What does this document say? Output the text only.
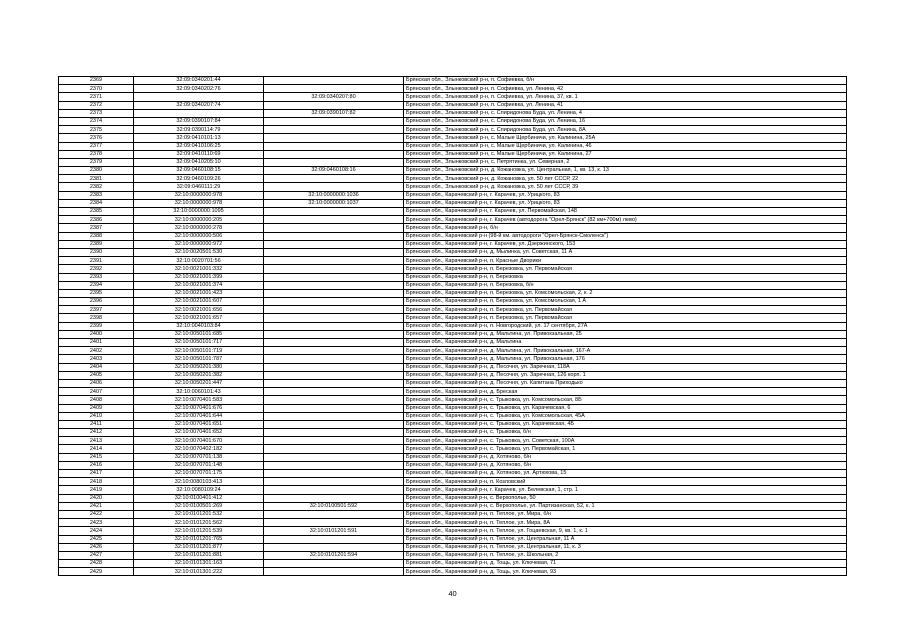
2369	32:09:0340201:44		Брянская обл., Злынковский р-н, п. Софиевка, б/н
2370	32:09:0340202:76		Брянская обл., Злынковский р-н, п. Софиевка, ул. Ленина, 42
2371		32:09:0340207:80	Брянская обл., Злынковский р-н, п. Софиевка, ул. Ленина, 37, кв. 1
2372	32:09:0340207:74		Брянская обл., Злынковский р-н, п. Софиевка, ул. Ленина, 41
2373		32:09:0390107:82	Брянская обл., Злынковский р-н, с. Спиридонова Буда, ул. Ленина, 4
2374	32:09:0390107:84		Брянская обл., Злынковский р-н, с. Спиридонова Буда, ул. Ленина, 16
2375	32:09:0390114:79		Брянская обл., Злынковский р-н, с. Спиридонова Буда, ул. Ленина, 8А
2376	32:09:0410101:13		Брянская обл., Злынковский р-н, с. Малые Щербиничи, ул. Калинина, 25А
2377	32:09:0410106:25		Брянская обл., Злынковский р-н, с. Малые Щербиничи, ул. Калинина, 46
2378	32:09:0410110:69		Брянская обл., Злынковский р-н, с. Малые Щербиничи, ул. Калинина, 27
2379	32:09:0410205:10		Брянская обл., Злынковский р-н, с. Петрятинка, ул. Северная, 2
2380	32:09:0460108:15	32:09:0460108:16	Брянская обл., Злынковский р-н, д. Кожановка, ул. Центральная, 1, кв. 13, к. 13
2381	32:09:0460109:26		Брянская обл., Злынковский р-н, д. Кожановка, ул. 50 лет СССР, 22
2382	32:09:0460111:29		Брянская обл., Злынковский р-н, д. Кожановка, ул. 50 лет СССР, 39
2383	32:10:0000000:978	32:10:0000000:1036	Брянская обл., Карачевский р-н, г. Карачев, ул. Урицкого, 83
2384	32:10:0000000:978	32:10:0000000:1037	Брянская обл., Карачевский р-н, г. Карачев, ул. Урицкого, 83
2385	32:10:0000000:1095		Брянская обл., Карачевский р-н, г. Карачев, ул. Первомайская, 148
2386	32:10:0000000:205		Брянская обл., Карачевский р-н, г. Карачев (автодорога "Орел-Брянск" (82 км+700м) лево)
2387	32:10:0000000:278		Брянская обл., Карачевский р-н, б/н
2388	32:10:0000000:506		Брянская обл., Карачевский р-н (98-й км. автодороги "Орел-Брянск-Смоленск")
2389	32:10:0000000:972		Брянская обл., Карачевский р-н, г. Карачев, ул. Дзержинского, 153
2390	32:10:0020501:530		Брянская обл., Карачевский р-н, д. Мылинка, ул. Советская, 11 А
2391	32:10:0020701:56		Брянская обл., Карачевский р-н, п. Красные Дворики
2392	32:10:0021001:332		Брянская обл., Карачевский р-н, п. Березовка, ул. Первомайская
2393	32:10:0021001:399		Брянская обл., Карачевский р-н, п. Березовка
2394	32:10:0021001:374		Брянская обл., Карачевский р-н, п. Березовка, б/н
2395	32:10:0021001:423		Брянская обл., Карачевский р-н, п. Березовка, ул. Комсомольская, 2, к. 2
2396	32:10:0021001:607		Брянская обл., Карачевский р-н, п. Березовка, ул. Комсомольская, 1 А
2397	32:10:0021001:656		Брянская обл., Карачевский р-н, п. Березовка, ул. Первомайская
2398	32:10:0021001:657		Брянская обл., Карачевский р-н, п. Березовка, ул. Первомайская
2399	32:10:0040103:84		Брянская обл., Карачевский р-н, п. Новгородский, ул. 17 сентября, 27А
2400	32:10:0050101:685		Брянская обл., Карачевский р-н, д. Мальтина, ул. Привокзальная, 25
2401	32:10:0050101:717		Брянская обл., Карачевский р-н, д. Мальтина
2402	32:10:0050101:719		Брянская обл., Карачевский р-н, д. Мальтина, ул. Привокзальная, 167-А
2403	32:10:0050101:787		Брянская обл., Карачевский р-н, д. Мальтина, ул. Привокзальная, 176
2404	32:10:0050201:380		Брянская обл., Карачевский р-н, д. Песочня, ул. Заречная, 118А
2405	32:10:0050201:382		Брянская обл., Карачевский р-н, д. Песочня, ул. Заречная, 126 корп. 1
2406	32:10:0050201:447		Брянская обл., Карачевский р-н, д. Песочня, ул. Капитана Приходько
2407	32:10:0060101:43		Брянская обл., Карачевский р-н, д. Бреская
2408	32:10:0070401:583		Брянская обл., Карачевский р-н, с. Трыковка, ул. Комсомольская, 8Б
2409	32:10:0070401:676		Брянская обл., Карачевский р-н, с. Трыковка, ул. Карачевская, 6
2410	32:10:0070401:644		Брянская обл., Карачевский р-н, с. Трыковка, ул. Комсомольская, 45А
2411	32:10:0070401:651		Брянская обл., Карачевский р-н, с. Трыковка, ул. Карачевская, 4Б
2412	32:10:0070401:652		Брянская обл., Карачевский р-н, с. Трыковка, б/н
2413	32:10:0070401:670		Брянская обл., Карачевский р-н, с. Трыковка, ул. Советская, 100А
2414	32:10:0070402:182		Брянская обл., Карачевский р-н, с. Трыковка, ул. Первомайская, 1
2415	32:10:0070701:138		Брянская обл., Карачевский р-н, д. Хотяново, б/н
2416	32:10:0070701:148		Брянская обл., Карачевский р-н, д. Хотяново, б/н
2417	32:10:0070701:175		Брянская обл., Карачевский р-н, д. Хотяново, ул. Артюхова, 15
2418	32:10:0080103:413		Брянская обл., Карачевский р-н, п. Козловский
2419	32:10:0080109:24		Брянская обл., Карачевский р-н, г. Карачев, ул. Белевская, 1, стр. 1
2420	32:10:0100401:412		Брянская обл., Карачевский р-н, с. Верхополье, 50
2421	32:10:0100501:269	32:10:0100501:592	Брянская обл., Карачевский р-н, с. Верхополье, ул. Партизанская, 52, к. 1
2422	32:10:0101201:532		Брянская обл., Карачевский р-н, п. Теплое, ул. Мира, б/н
2423	32:10:0101201:562		Брянская обл., Карачевский р-н, п. Теплое, ул. Мира, 8А
2424	32:10:0101201:539	32:10:0101201:591	Брянская обл., Карачевский р-н, п. Теплое, ул. Гоцаевская, 9, кв. 1, к. 1
2425	32:10:0101201:765		Брянская обл., Карачевский р-н, п. Теплое, ул. Центральная, 11 А
2426	32:10:0101201:877		Брянская обл., Карачевский р-н, п. Теплое, ул. Центральная, 11, к. 3
2427	32:10:0101201:881	32:10:0101201:594	Брянская обл., Карачевский р-н, п. Теплое, ул. Школьная, 2
2428	32:10:0101301:163		Брянская обл., Карачевский р-н, д. Тощь, ул. Ключевая, 71
2429	32:10:0101301:222		Брянская обл., Карачевский р-н, д. Тощь, ул. Ключевая, 93
40
